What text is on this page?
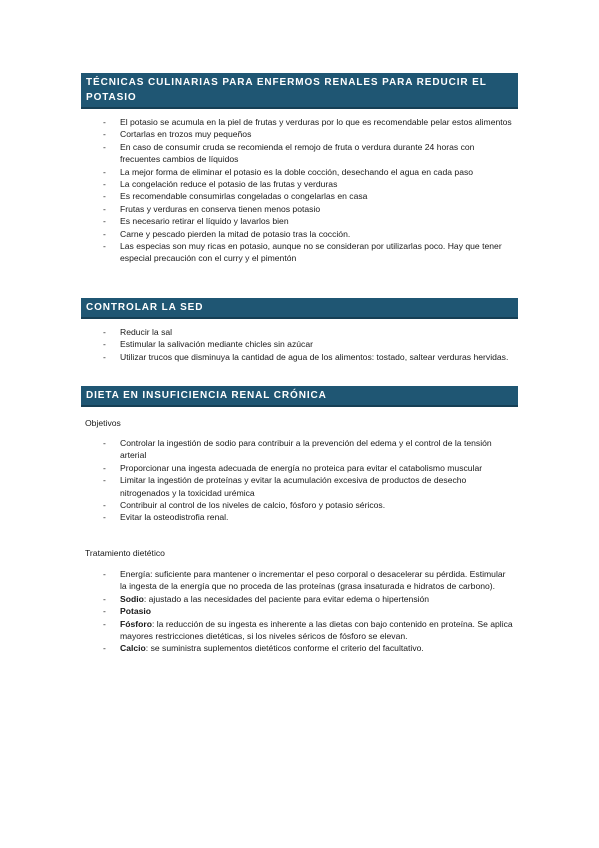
TÉCNICAS CULINARIAS PARA ENFERMOS RENALES PARA REDUCIR EL POTASIO
- El potasio se acumula en la piel de frutas y verduras por lo que es recomendable pelar estos alimentos
- Cortarlas en trozos muy pequeños
- En caso de consumir cruda se recomienda el remojo de fruta o verdura durante 24 horas con frecuentes cambios de líquidos
- La mejor forma de eliminar el potasio es la doble cocción, desechando el agua en cada paso
- La congelación reduce el potasio de las frutas y verduras
- Es recomendable consumirlas congeladas o congelarlas en casa
- Frutas y verduras en conserva tienen menos potasio
- Es necesario retirar el líquido y lavarlos bien
- Carne y pescado pierden la mitad de potasio tras la cocción.
- Las especias son muy ricas en potasio, aunque no se consideran por utilizarlas poco. Hay que tener especial precaución con el curry y el pimentón
CONTROLAR LA SED
- Reducir la sal
- Estimular la salivación mediante chicles sin azúcar
- Utilizar trucos que disminuya la cantidad de agua de los alimentos: tostado, saltear verduras hervidas.
DIETA EN INSUFICIENCIA RENAL CRÓNICA
Objetivos
- Controlar la ingestión de sodio para contribuir a la prevención del edema y el control de la tensión arterial
- Proporcionar una ingesta adecuada de energía no proteica para evitar el catabolismo muscular
- Limitar la ingestión de proteínas y evitar la acumulación excesiva de productos de desecho nitrogenados y la toxicidad urémica
- Contribuir al control de los niveles de calcio, fósforo y potasio séricos.
- Evitar la osteodistrofia renal.
Tratamiento dietético
- Energía: suficiente para mantener o incrementar el peso corporal o desacelerar su pérdida. Estimular la ingesta de la energía que no proceda de las proteínas (grasa insaturada e hidratos de carbono).
- Sodio: ajustado a las necesidades del paciente para evitar edema o hipertensión
- Potasio
- Fósforo: la reducción de su ingesta es inherente a las dietas con bajo contenido en proteína. Se aplica mayores restricciones dietéticas, si los niveles séricos de fósforo se elevan.
- Calcio: se suministra suplementos dietéticos conforme el criterio del facultativo.
